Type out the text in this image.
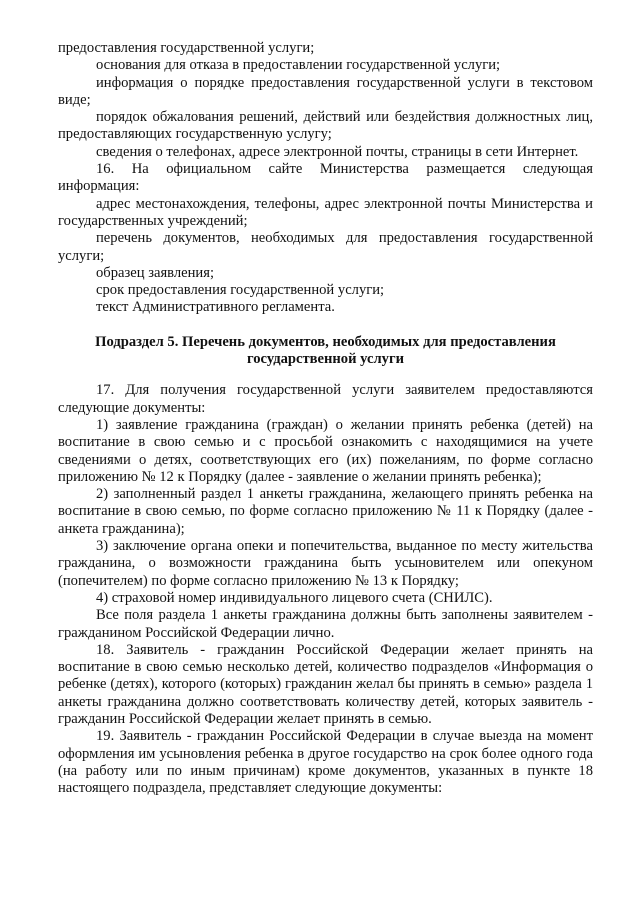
предоставления государственной услуги;

основания для отказа в предоставлении государственной услуги;

информация о порядке предоставления государственной услуги в текстовом виде;

порядок обжалования решений, действий или бездействия должностных лиц, предоставляющих государственную услугу;

сведения о телефонах, адресе электронной почты, страницы в сети Интернет.

16. На официальном сайте Министерства размещается следующая информация:

адрес местонахождения, телефоны, адрес электронной почты Министерства и государственных учреждений;

перечень документов, необходимых для предоставления государственной услуги;

образец заявления;

срок предоставления государственной услуги;

текст Административного регламента.

Подраздел 5. Перечень документов, необходимых для предоставления государственной услуги

17. Для получения государственной услуги заявителем предоставляются следующие документы:

1) заявление гражданина (граждан) о желании принять ребенка (детей) на воспитание в свою семью и с просьбой ознакомить с находящимися на учете сведениями о детях, соответствующих его (их) пожеланиям, по форме согласно приложению № 12 к Порядку (далее - заявление о желании принять ребенка);

2) заполненный раздел 1 анкеты гражданина, желающего принять ребенка на воспитание в свою семью, по форме согласно приложению № 11 к Порядку (далее - анкета гражданина);

3) заключение органа опеки и попечительства, выданное по месту жительства гражданина, о возможности гражданина быть усыновителем или опекуном (попечителем) по форме согласно приложению № 13 к Порядку;

4) страховой номер индивидуального лицевого счета (СНИЛС).

Все поля раздела 1 анкеты гражданина должны быть заполнены заявителем - гражданином Российской Федерации лично.

18. Заявитель - гражданин Российской Федерации желает принять на воспитание в свою семью несколько детей, количество подразделов «Информация о ребенке (детях), которого (которых) гражданин желал бы принять в семью» раздела 1 анкеты гражданина должно соответствовать количеству детей, которых заявитель - гражданин Российской Федерации желает принять в семью.

19. Заявитель - гражданин Российской Федерации в случае выезда на момент оформления им усыновления ребенка в другое государство на срок более одного года (на работу или по иным причинам) кроме документов, указанных в пункте 18 настоящего подраздела, представляет следующие документы:
